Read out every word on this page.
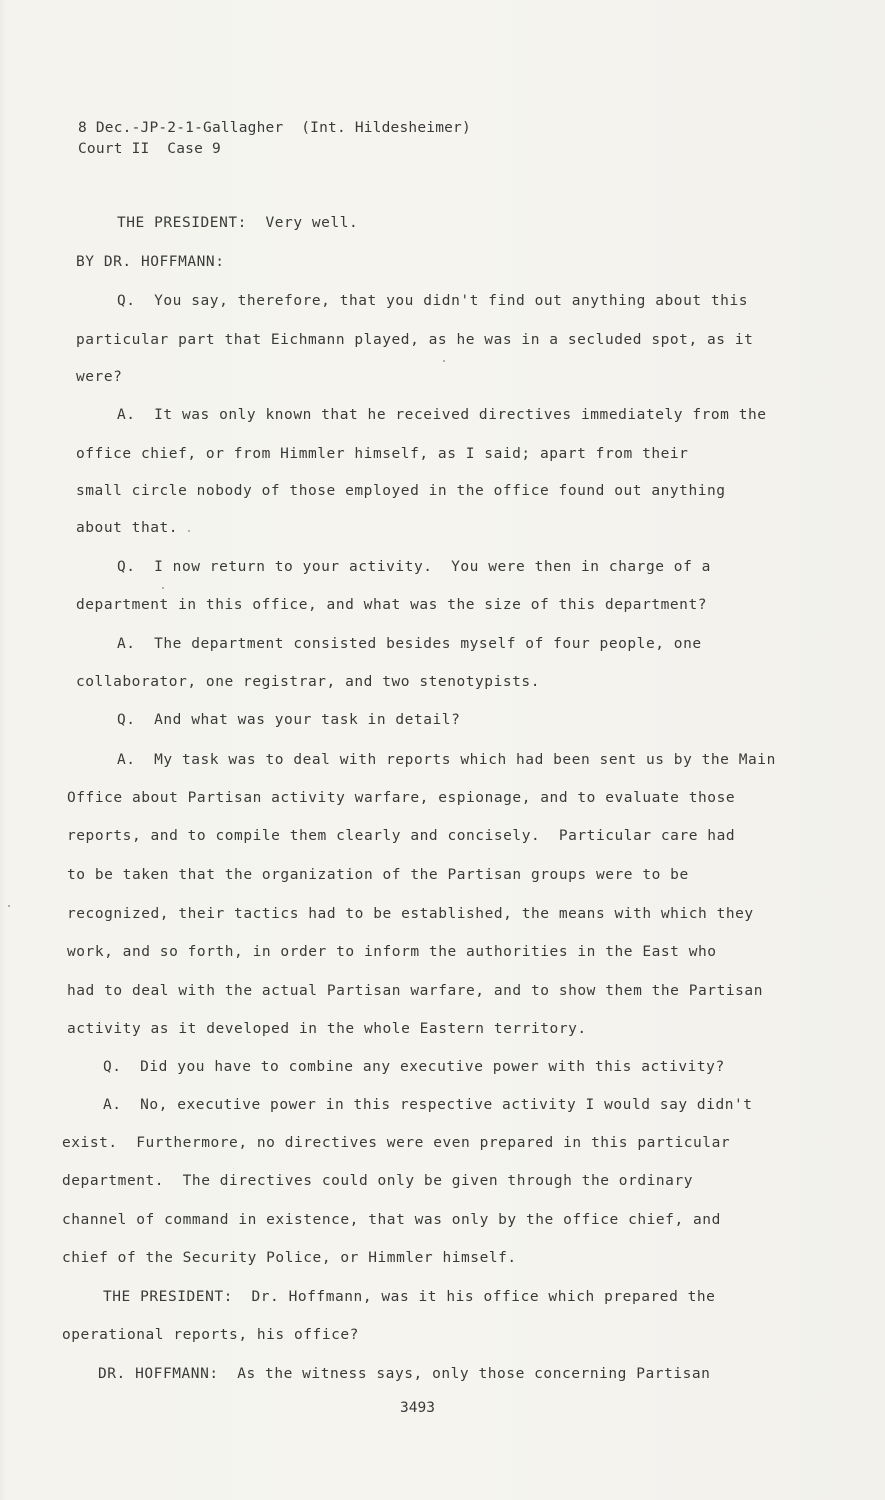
8 Dec.-JP-2-1-Gallagher  (Int. Hildesheimer)
Court II  Case 9
THE PRESIDENT:  Very well.
BY DR. HOFFMANN:
Q.  You say, therefore, that you didn't find out anything about this
particular part that Eichmann played, as he was in a secluded spot, as it
were?
A.  It was only known that he received directives immediately from the
office chief, or from Himmler himself, as I said; apart from their
small circle nobody of those employed in the office found out anything
about that.
Q.  I now return to your activity.  You were then in charge of a
department in this office, and what was the size of this department?
A.  The department consisted besides myself of four people, one
collaborator, one registrar, and two stenotypists.
Q.  And what was your task in detail?
A.  My task was to deal with reports which had been sent us by the Main
Office about Partisan activity warfare, espionage, and to evaluate those
reports, and to compile them clearly and concisely.  Particular care had
to be taken that the organization of the Partisan groups were to be
recognized, their tactics had to be established, the means with which they
work, and so forth, in order to inform the authorities in the East who
had to deal with the actual Partisan warfare, and to show them the Partisan
activity as it developed in the whole Eastern territory.
Q.  Did you have to combine any executive power with this activity?
A.  No, executive power in this respective activity I would say didn't
exist.  Furthermore, no directives were even prepared in this particular
department.  The directives could only be given through the ordinary
channel of command in existence, that was only by the office chief, and
chief of the Security Police, or Himmler himself.
THE PRESIDENT:  Dr. Hoffmann, was it his office which prepared the
operational reports, his office?
DR. HOFFMANN:  As the witness says, only those concerning Partisan
3493
